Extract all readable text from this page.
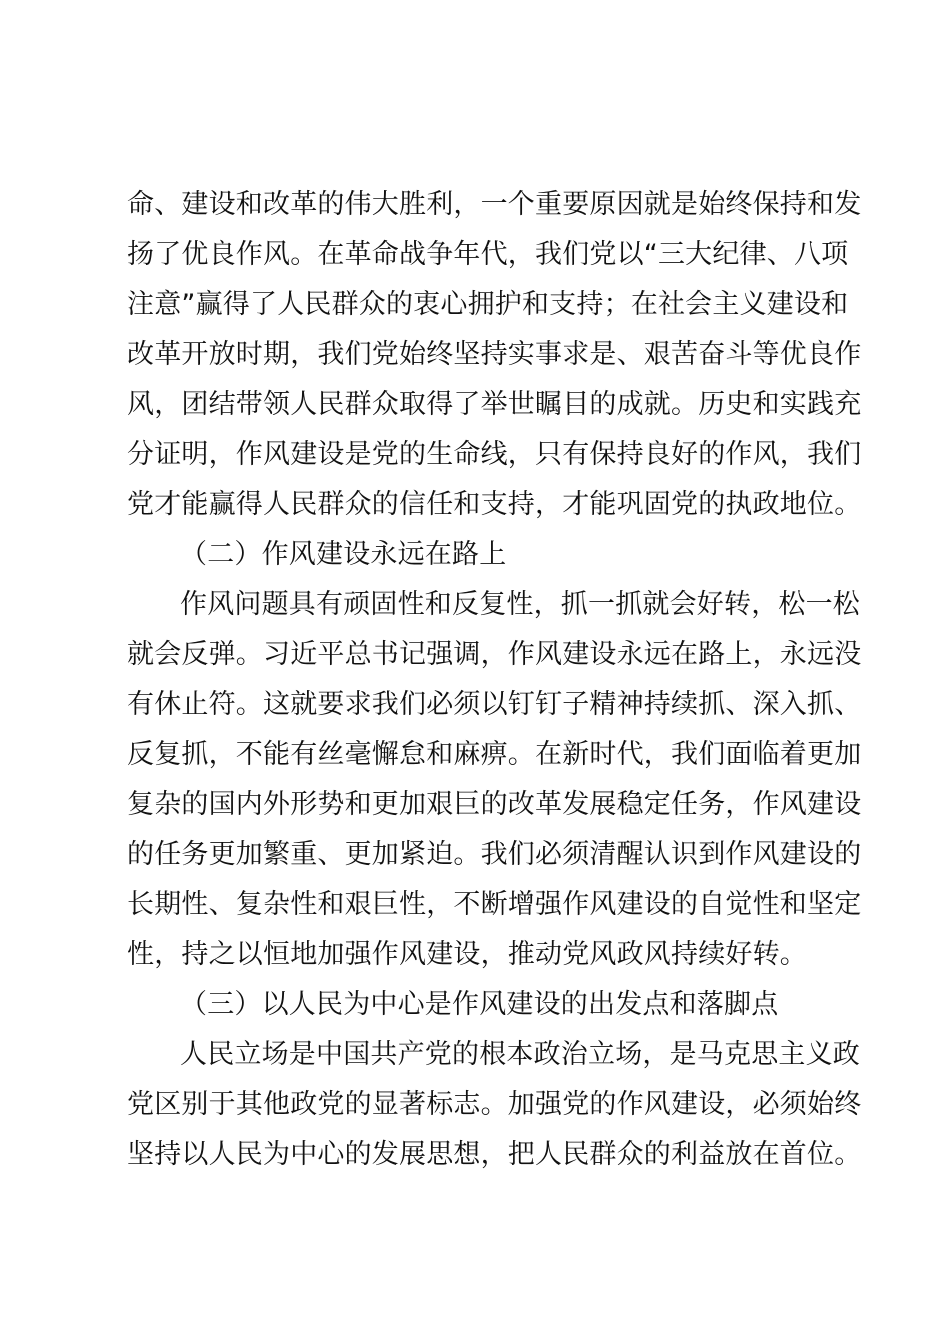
命、建设和改革的伟大胜利，一个重要原因就是始终保持和发
扬了优良作风。在革命战争年代，我们党以“三大纪律、八项
注意”赢得了人民群众的衷心拥护和支持；在社会主义建设和
改革开放时期，我们党始终坚持实事求是、艰苦奋斗等优良作
风，团结带领人民群众取得了举世瞩目的成就。历史和实践充
分证明，作风建设是党的生命线，只有保持良好的作风，我们
党才能赢得人民群众的信任和支持，才能巩固党的执政地位。
（二）作风建设永远在路上
作风问题具有顽固性和反复性，抓一抓就会好转，松一松
就会反弹。习近平总书记强调，作风建设永远在路上，永远没
有休止符。这就要求我们必须以钉钉子精神持续抓、深入抓、
反复抓，不能有丝毫懈怠和麻痹。在新时代，我们面临着更加
复杂的国内外形势和更加艰巨的改革发展稳定任务，作风建设
的任务更加繁重、更加紧迫。我们必须清醒认识到作风建设的
长期性、复杂性和艰巨性，不断增强作风建设的自觉性和坚定
性，持之以恒地加强作风建设，推动党风政风持续好转。
（三）以人民为中心是作风建设的出发点和落脚点
人民立场是中国共产党的根本政治立场，是马克思主义政
党区别于其他政党的显著标志。加强党的作风建设，必须始终
坚持以人民为中心的发展思想，把人民群众的利益放在首位。
